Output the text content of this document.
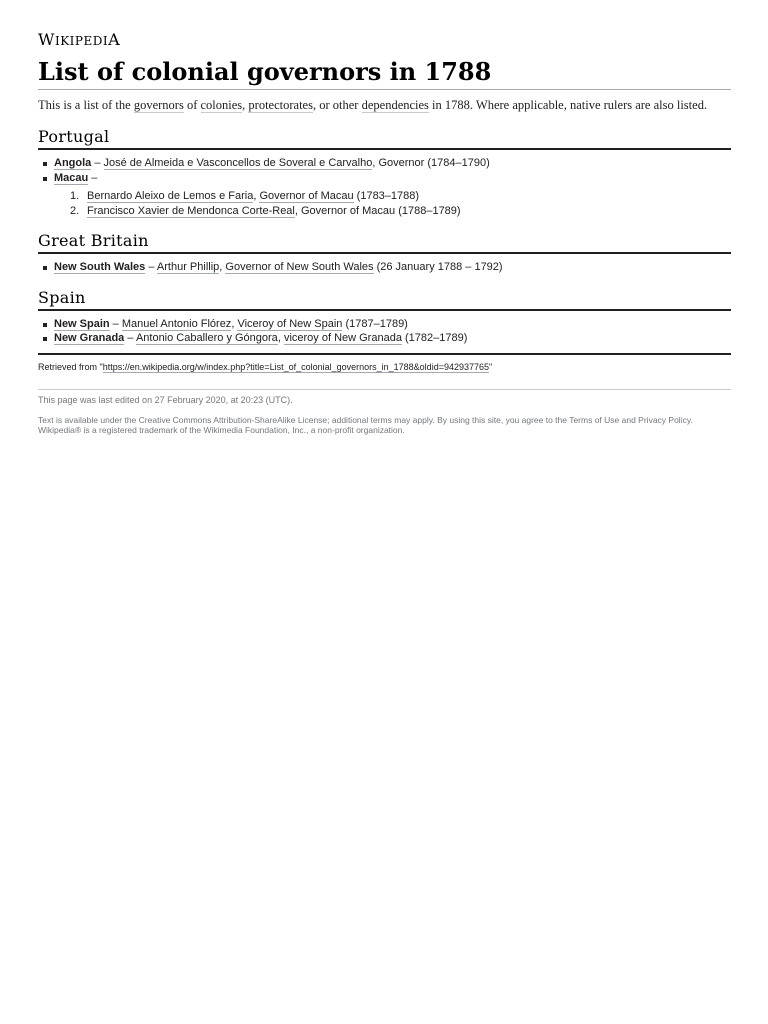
WIKIPEDIA

List of colonial governors in 1788

This is a list of the governors of colonies, protectorates, or other dependencies in 1788. Where applicable, native rulers are also listed.

Portugal
Angola – José de Almeida e Vasconcellos de Soveral e Carvalho, Governor (1784–1790)
Macau –
1. Bernardo Aleixo de Lemos e Faria, Governor of Macau (1783–1788)
2. Francisco Xavier de Mendonca Corte-Real, Governor of Macau (1788–1789)
Great Britain
New South Wales – Arthur Phillip, Governor of New South Wales (26 January 1788 – 1792)
Spain
New Spain – Manuel Antonio Flórez, Viceroy of New Spain (1787–1789)
New Granada – Antonio Caballero y Góngora, viceroy of New Granada (1782–1789)
Retrieved from "https://en.wikipedia.org/w/index.php?title=List_of_colonial_governors_in_1788&oldid=942937765"

This page was last edited on 27 February 2020, at 20:23 (UTC).

Text is available under the Creative Commons Attribution-ShareAlike License; additional terms may apply. By using this site, you agree to the Terms of Use and Privacy Policy. Wikipedia® is a registered trademark of the Wikimedia Foundation, Inc., a non-profit organization.
